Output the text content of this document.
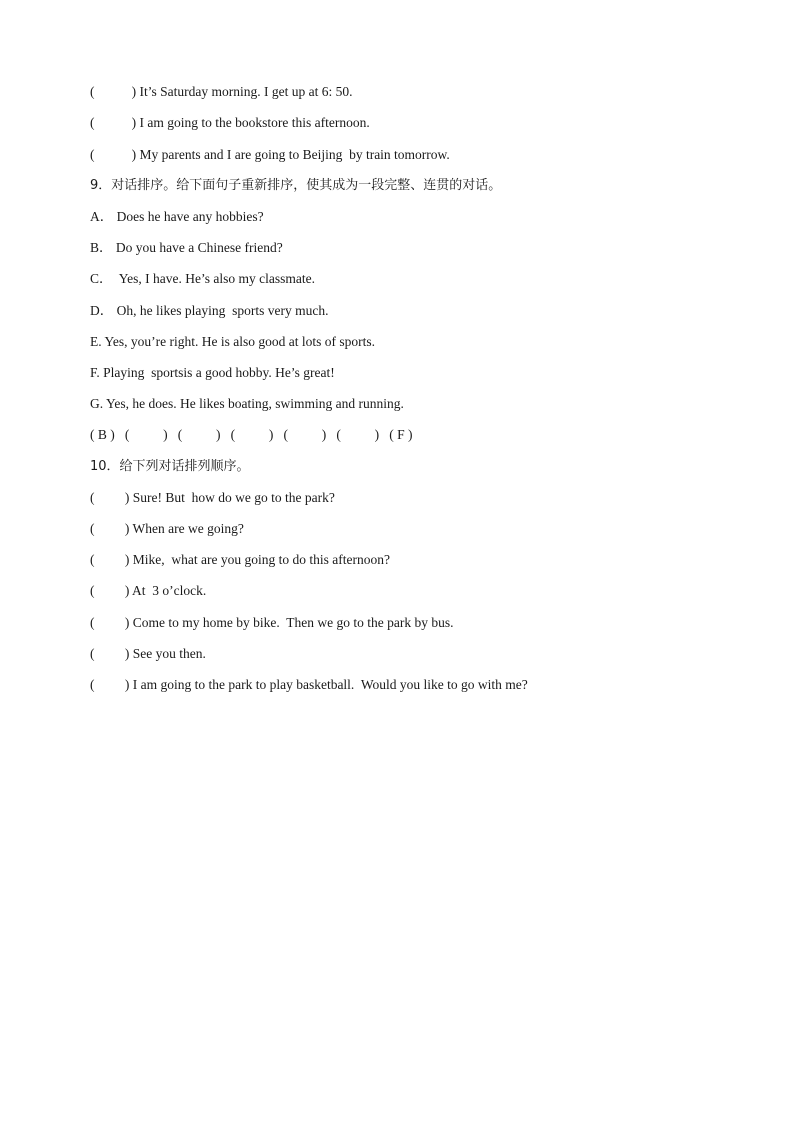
(           ) It’s Saturday morning. I get up at 6: 50.
(           ) I am going to the bookstore this afternoon.
(           ) My parents and I are going to Beijing  by train tomorrow.
9．对话排序。给下面句子重新排序，使其成为一段完整、连贯的对话。
A． Does he have any hobbies?
B． Do you have a Chinese friend?
C．  Yes, I have. He’s also my classmate.
D． Oh, he likes playing  sports very much.
E. Yes, you’re right. He is also good at lots of sports.
F. Playing  sportsis a good hobby. He’s great!
G. Yes, he does. He likes boating, swimming and running.
( B )   (          )   (          )   (          )   (          )   (          )   ( F )
10．给下列对话排列顺序。
(         ) Sure! But  how do we go to the park?
(         ) When are we going?
(         ) Mike,  what are you going to do this afternoon?
(         ) At  3 o’clock.
(         ) Come to my home by bike.  Then we go to the park by bus.
(         ) See you then.
(         ) I am going to the park to play basketball.  Would you like to go with me?
